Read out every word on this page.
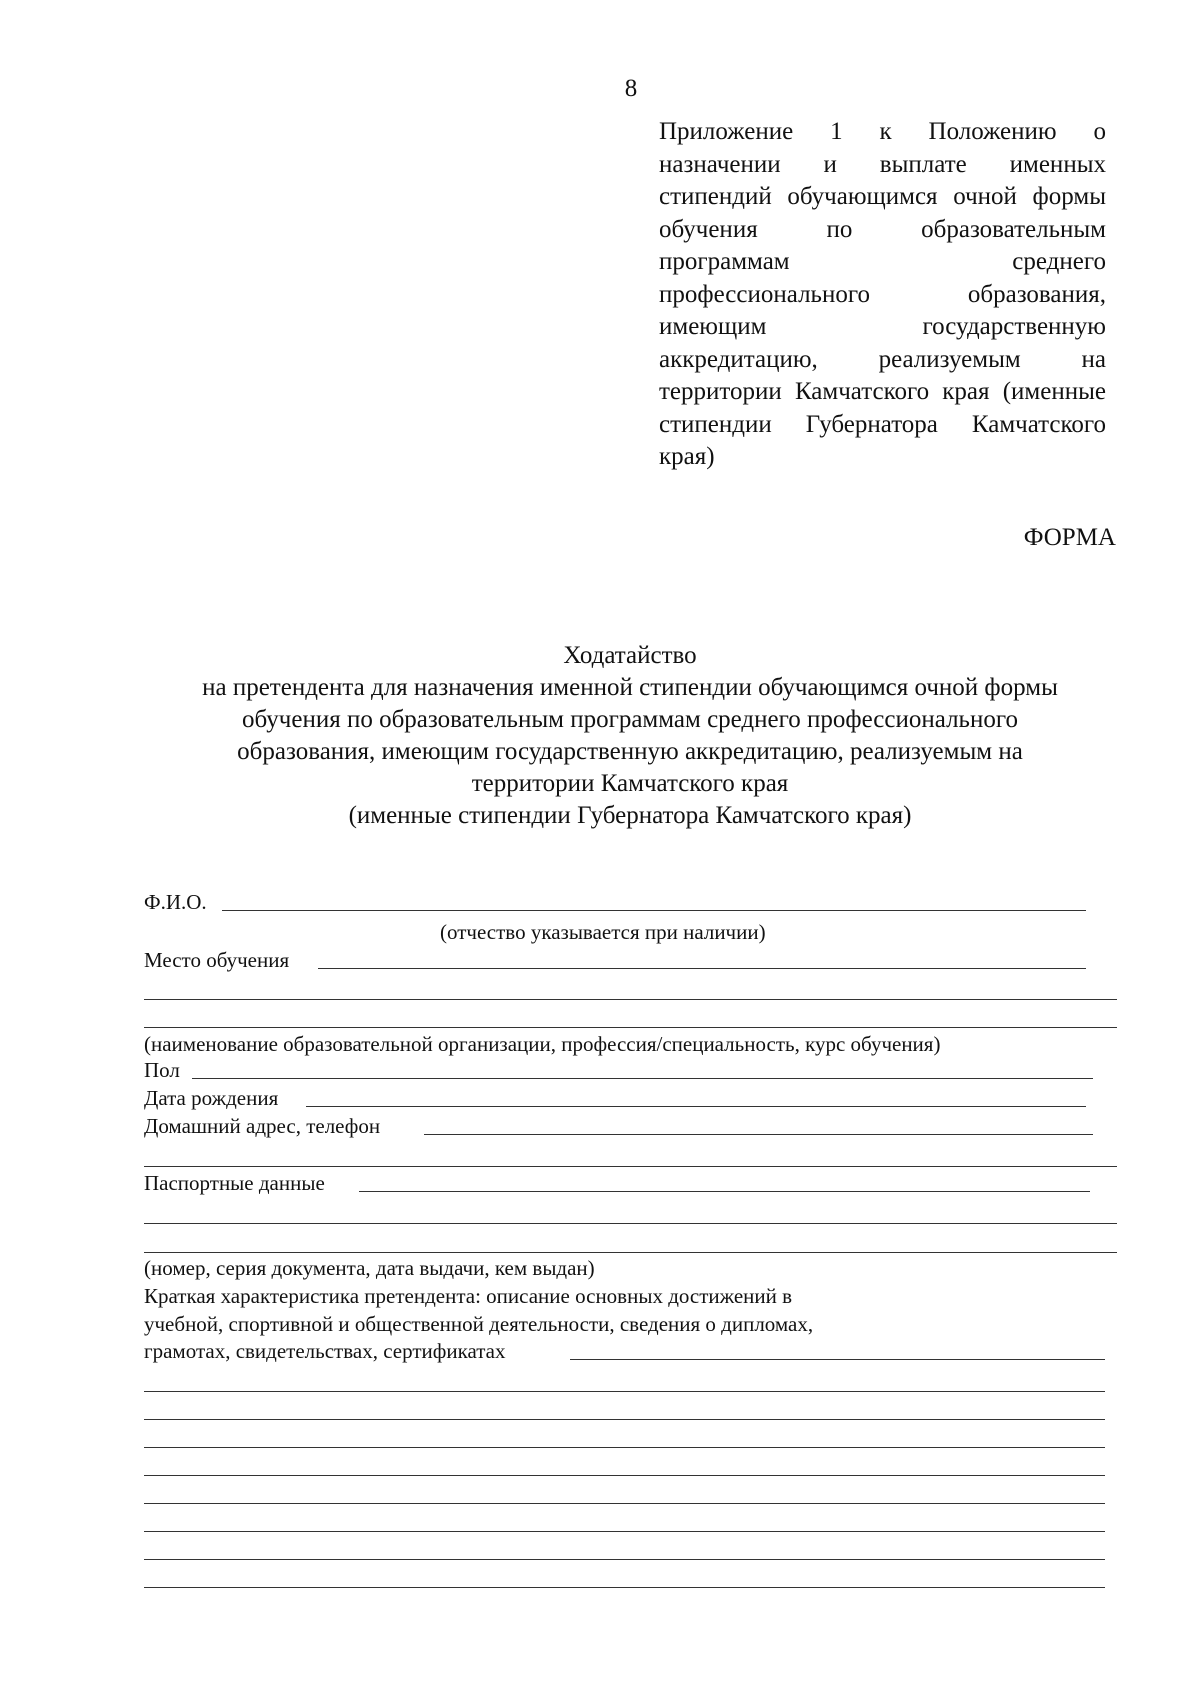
8
Приложение 1 к Положению о назначении и выплате именных стипендий обучающимся очной формы обучения по образовательным программам среднего профессионального образования, имеющим государственную аккредитацию, реализуемым на территории Камчатского края (именные стипендии Губернатора Камчатского края)
ФОРМА
Ходатайство
на претендента для назначения именной стипендии обучающимся очной формы
обучения по образовательным программам среднего профессионального
образования, имеющим государственную аккредитацию, реализуемым на
территории Камчатского края
(именные стипендии Губернатора Камчатского края)
Ф.И.О.
(отчество указывается при наличии)
Место обучения
(наименование образовательной организации, профессия/специальность, курс обучения)
Пол
Дата рождения
Домашний адрес, телефон
Паспортные данные
(номер, серия документа, дата выдачи, кем выдан)
Краткая характеристика претендента: описание основных достижений в
учебной, спортивной и общественной деятельности, сведения о дипломах,
грамотах, свидетельствах, сертификатах
